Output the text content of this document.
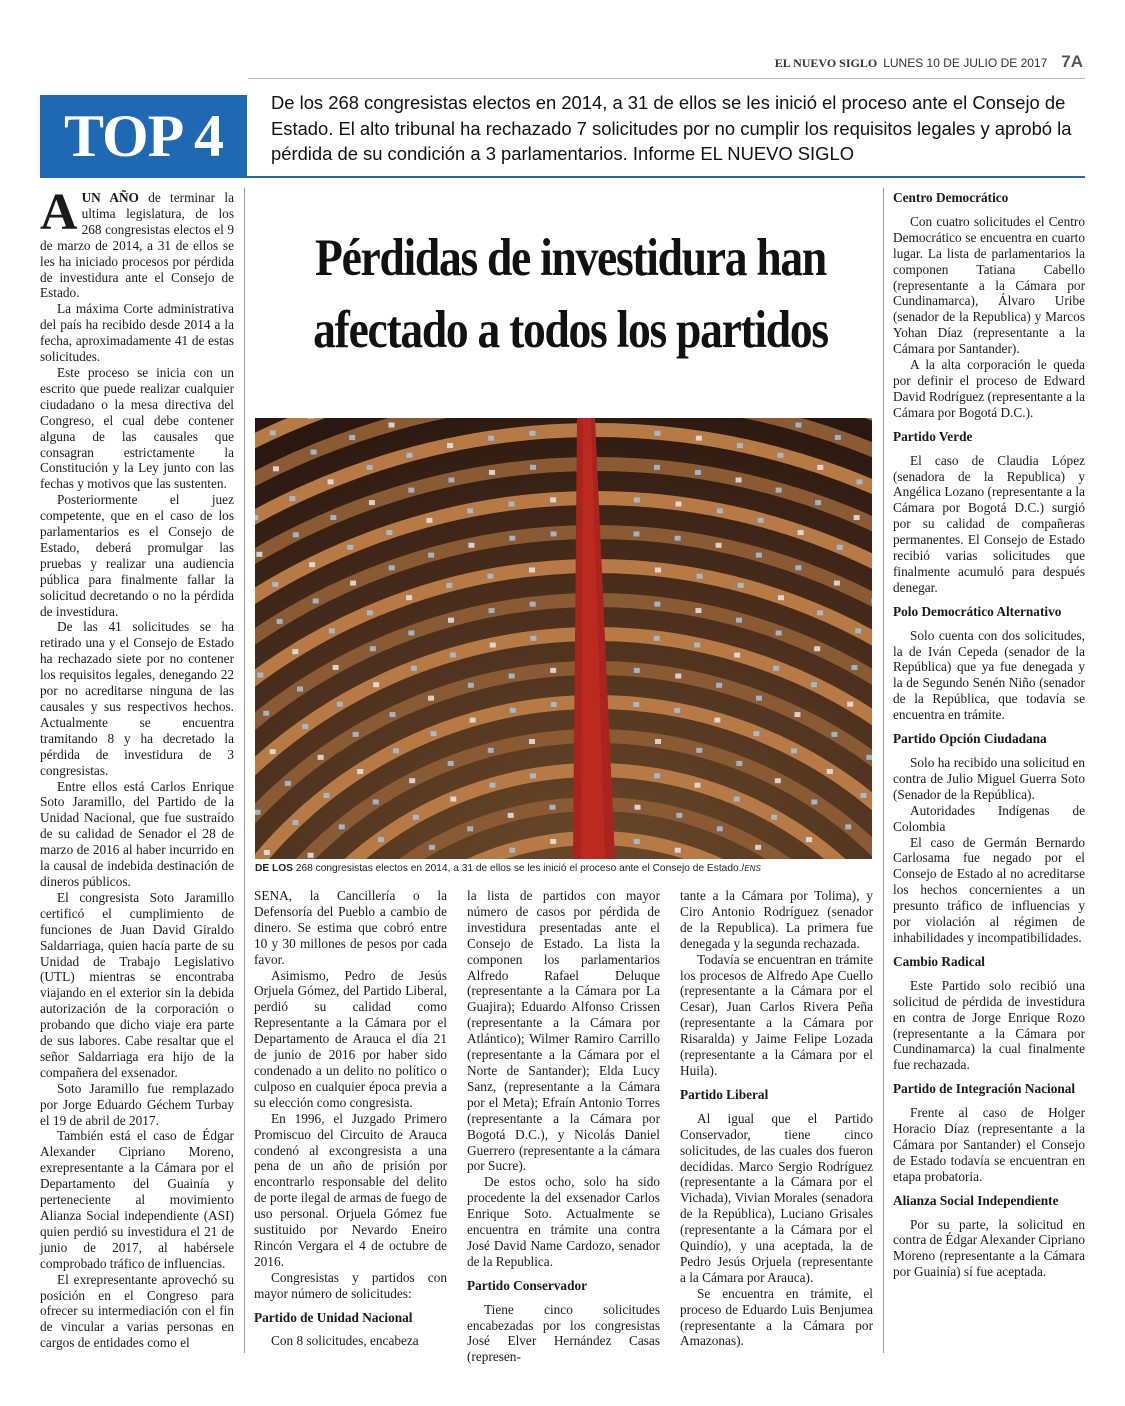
EL NUEVO SIGLO LUNES 10 DE JULIO DE 2017 7A
TOP 4
De los 268 congresistas electos en 2014, a 31 de ellos se les inició el proceso ante el Consejo de Estado. El alto tribunal ha rechazado 7 solicitudes por no cumplir los requisitos legales y aprobó la pérdida de su condición a 3 parlamentarios. Informe EL NUEVO SIGLO
Pérdidas de investidura han afectado a todos los partidos
DE LOS 268 congresistas electos en 2014, a 31 de ellos se les inició el proceso ante el Consejo de Estado./ENS

AUN AÑO de terminar la ultima legislatura, de los 268 congresistas electos el 9 de marzo de 2014, a 31 de ellos se les ha iniciado procesos por pérdida de investidura ante el Consejo de Estado.

La máxima Corte administrativa del país ha recibido desde 2014 a la fecha, aproximadamente 41 de estas solicitudes.

Este proceso se inicia con un escrito que puede realizar cualquier ciudadano o la mesa directiva del Congreso, el cual debe contener alguna de las causales que consagran estrictamente la Constitución y la Ley junto con las fechas y motivos que las sustenten.

Posteriormente el juez competente, que en el caso de los parlamentarios es el Consejo de Estado, deberá promulgar las pruebas y realizar una audiencia pública para finalmente fallar la solicitud decretando o no la pérdida de investidura.

De las 41 solicitudes se ha retirado una y el Consejo de Estado ha rechazado siete por no contener los requisitos legales, denegando 22 por no acreditarse ninguna de las causales y sus respectivos hechos. Actualmente se encuentra tramitando 8 y ha decretado la pérdida de investidura de 3 congresistas.

Entre ellos está Carlos Enrique Soto Jaramillo, del Partido de la Unidad Nacional, que fue sustraído de su calidad de Senador el 28 de marzo de 2016 al haber incurrido en la causal de indebida destinación de dineros públicos.

El congresista Soto Jaramillo certificó el cumplimiento de funciones de Juan David Giraldo Saldarriaga, quien hacía parte de su Unidad de Trabajo Legislativo (UTL) mientras se encontraba viajando en el exterior sin la debida autorización de la corporación o probando que dicho viaje era parte de sus labores. Cabe resaltar que el señor Saldarriaga era hijo de la compañera del exsenador.

Soto Jaramillo fue remplazado por Jorge Eduardo Géchem Turbay el 19 de abril de 2017.

También está el caso de Édgar Alexander Cipriano Moreno, exrepresentante a la Cámara por el Departamento del Guainía y perteneciente al movimiento Alianza Social independiente (ASI) quien perdió su investidura el 21 de junio de 2017, al habérsele comprobado tráfico de influencias.

El exrepresentante aprovechó su posición en el Congreso para ofrecer su intermediación con el fin de vincular a varias personas en cargos de entidades como el

SENA, la Cancillería o la Defensoría del Pueblo a cambio de dinero. Se estima que cobró entre 10 y 30 millones de pesos por cada favor.

Asimismo, Pedro de Jesús Orjuela Gómez, del Partido Liberal, perdió su calidad como Representante a la Cámara por el Departamento de Arauca el día 21 de junio de 2016 por haber sido condenado a un delito no político o culposo en cualquier época previa a su elección como congresista.

En 1996, el Juzgado Primero Promiscuo del Circuito de Arauca condenó al excongresista a una pena de un año de prisión por encontrarlo responsable del delito de porte ilegal de armas de fuego de uso personal. Orjuela Gómez fue sustituido por Nevardo Eneiro Rincón Vergara el 4 de octubre de 2016.

Congresistas y partidos con mayor número de solicitudes:

Partido de Unidad Nacional

Con 8 solicitudes, encabeza

la lista de partidos con mayor número de casos por pérdida de investidura presentadas ante el Consejo de Estado. La lista la componen los parlamentarios Alfredo Rafael Deluque (representante a la Cámara por La Guajira); Eduardo Alfonso Crissen (representante a la Cámara por Atlántico); Wilmer Ramiro Carrillo (representante a la Cámara por el Norte de Santander); Elda Lucy Sanz, (representante a la Cámara por el Meta); Efraín Antonio Torres (representante a la Cámara por Bogotá D.C.), y Nicolás Daniel Guerrero (representante a la cámara por Sucre).

De estos ocho, solo ha sido procedente la del exsenador Carlos Enrique Soto. Actualmente se encuentra en trámite una contra José David Name Cardozo, senador de la Republica.

Partido Conservador

Tiene cinco solicitudes encabezadas por los congresistas José Elver Hernández Casas (represen-

tante a la Cámara por Tolima), y Ciro Antonio Rodríguez (senador de la Republica). La primera fue denegada y la segunda rechazada.

Todavía se encuentran en trámite los procesos de Alfredo Ape Cuello (representante a la Cámara por el Cesar), Juan Carlos Rivera Peña (representante a la Cámara por Risaralda) y Jaime Felipe Lozada (representante a la Cámara por el Huila).

Partido Liberal

Al igual que el Partido Conservador, tiene cinco solicitudes, de las cuales dos fueron decididas. Marco Sergio Rodríguez (representante a la Cámara por el Vichada), Vivian Morales (senadora de la República), Luciano Grisales (representante a la Cámara por el Quindío), y una aceptada, la de Pedro Jesús Orjuela (representante a la Cámara por Arauca).

Se encuentra en trámite, el proceso de Eduardo Luis Benjumea (representante a la Cámara por Amazonas).

Centro Democrático

Con cuatro solicitudes el Centro Democrático se encuentra en cuarto lugar. La lista de parlamentarios la componen Tatiana Cabello (representante a la Cámara por Cundinamarca), Álvaro Uribe (senador de la Republica) y Marcos Yohan Díaz (representante a la Cámara por Santander).

A la alta corporación le queda por definir el proceso de Edward David Rodríguez (representante a la Cámara por Bogotá D.C.).

Partido Verde

El caso de Claudia López (senadora de la Republica) y Angélica Lozano (representante a la Cámara por Bogotá D.C.) surgió por su calidad de compañeras permanentes. El Consejo de Estado recibió varias solicitudes que finalmente acumuló para después denegar.

Polo Democrático Alternativo

Solo cuenta con dos solicitudes, la de Iván Cepeda (senador de la República) que ya fue denegada y la de Segundo Senén Niño (senador de la República, que todavía se encuentra en trámite.

Partido Opción Ciudadana

Solo ha recibido una solicitud en contra de Julio Miguel Guerra Soto (Senador de la República).

Autoridades Indígenas de Colombia

El caso de Germán Bernardo Carlosama fue negado por el Consejo de Estado al no acreditarse los hechos concernientes a un presunto tráfico de influencias y por violación al régimen de inhabilidades y incompatibilidades.

Cambio Radical

Este Partido solo recibió una solicitud de pérdida de investidura en contra de Jorge Enrique Rozo (representante a la Cámara por Cundinamarca) la cual finalmente fue rechazada.

Partido de Integración Nacional

Frente al caso de Holger Horacio Díaz (representante a la Cámara por Santander) el Consejo de Estado todavía se encuentran en etapa probatoria.

Alianza Social Independiente

Por su parte, la solicitud en contra de Édgar Alexander Cipriano Moreno (representante a la Cámara por Guainía) sí fue aceptada.
